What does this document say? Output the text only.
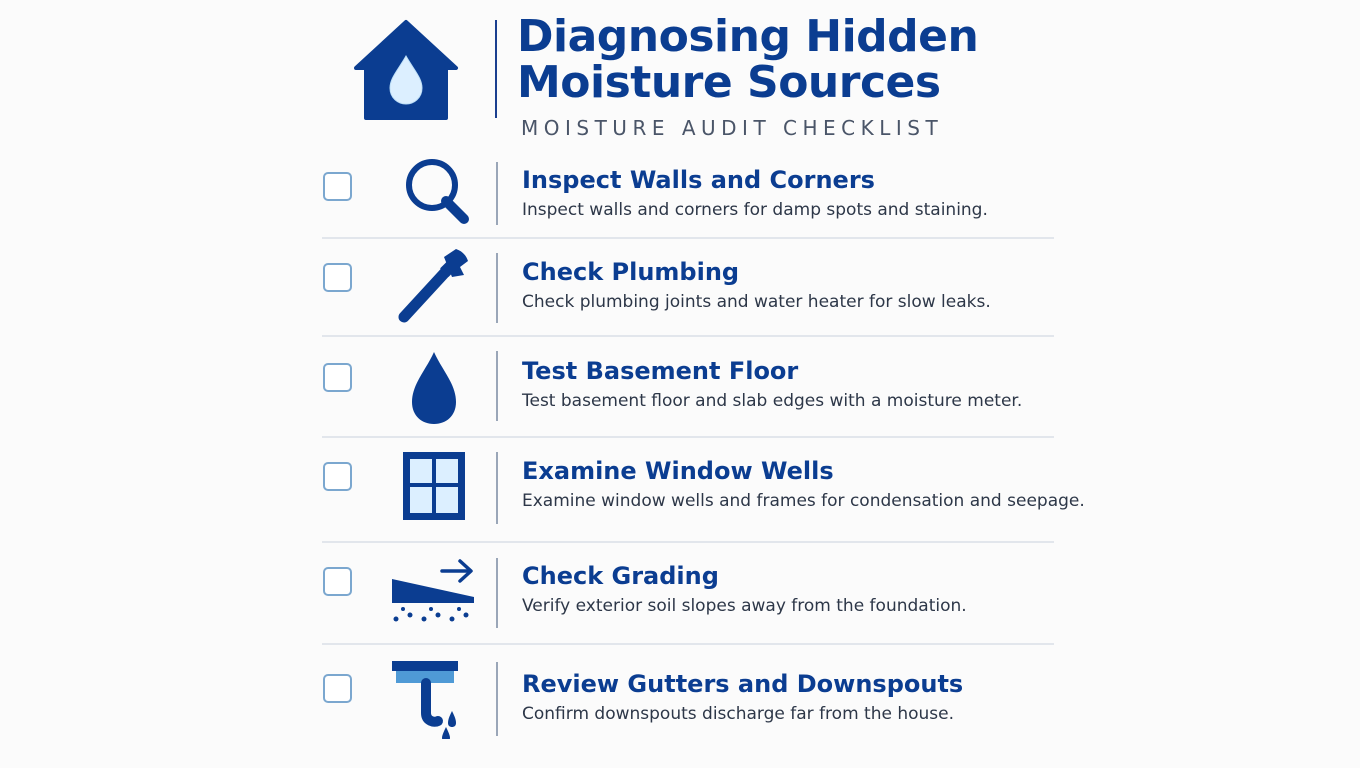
Diagnosing Hidden
Moisture Sources
MOISTURE AUDIT CHECKLIST
Inspect Walls and Corners
Inspect walls and corners for damp spots and staining.
Check Plumbing
Check plumbing joints and water heater for slow leaks.
Test Basement Floor
Test basement floor and slab edges with a moisture meter.
Examine Window Wells
Examine window wells and frames for condensation and seepage.
Check Grading
Verify exterior soil slopes away from the foundation.
Review Gutters and Downspouts
Confirm downspouts discharge far from the house.
